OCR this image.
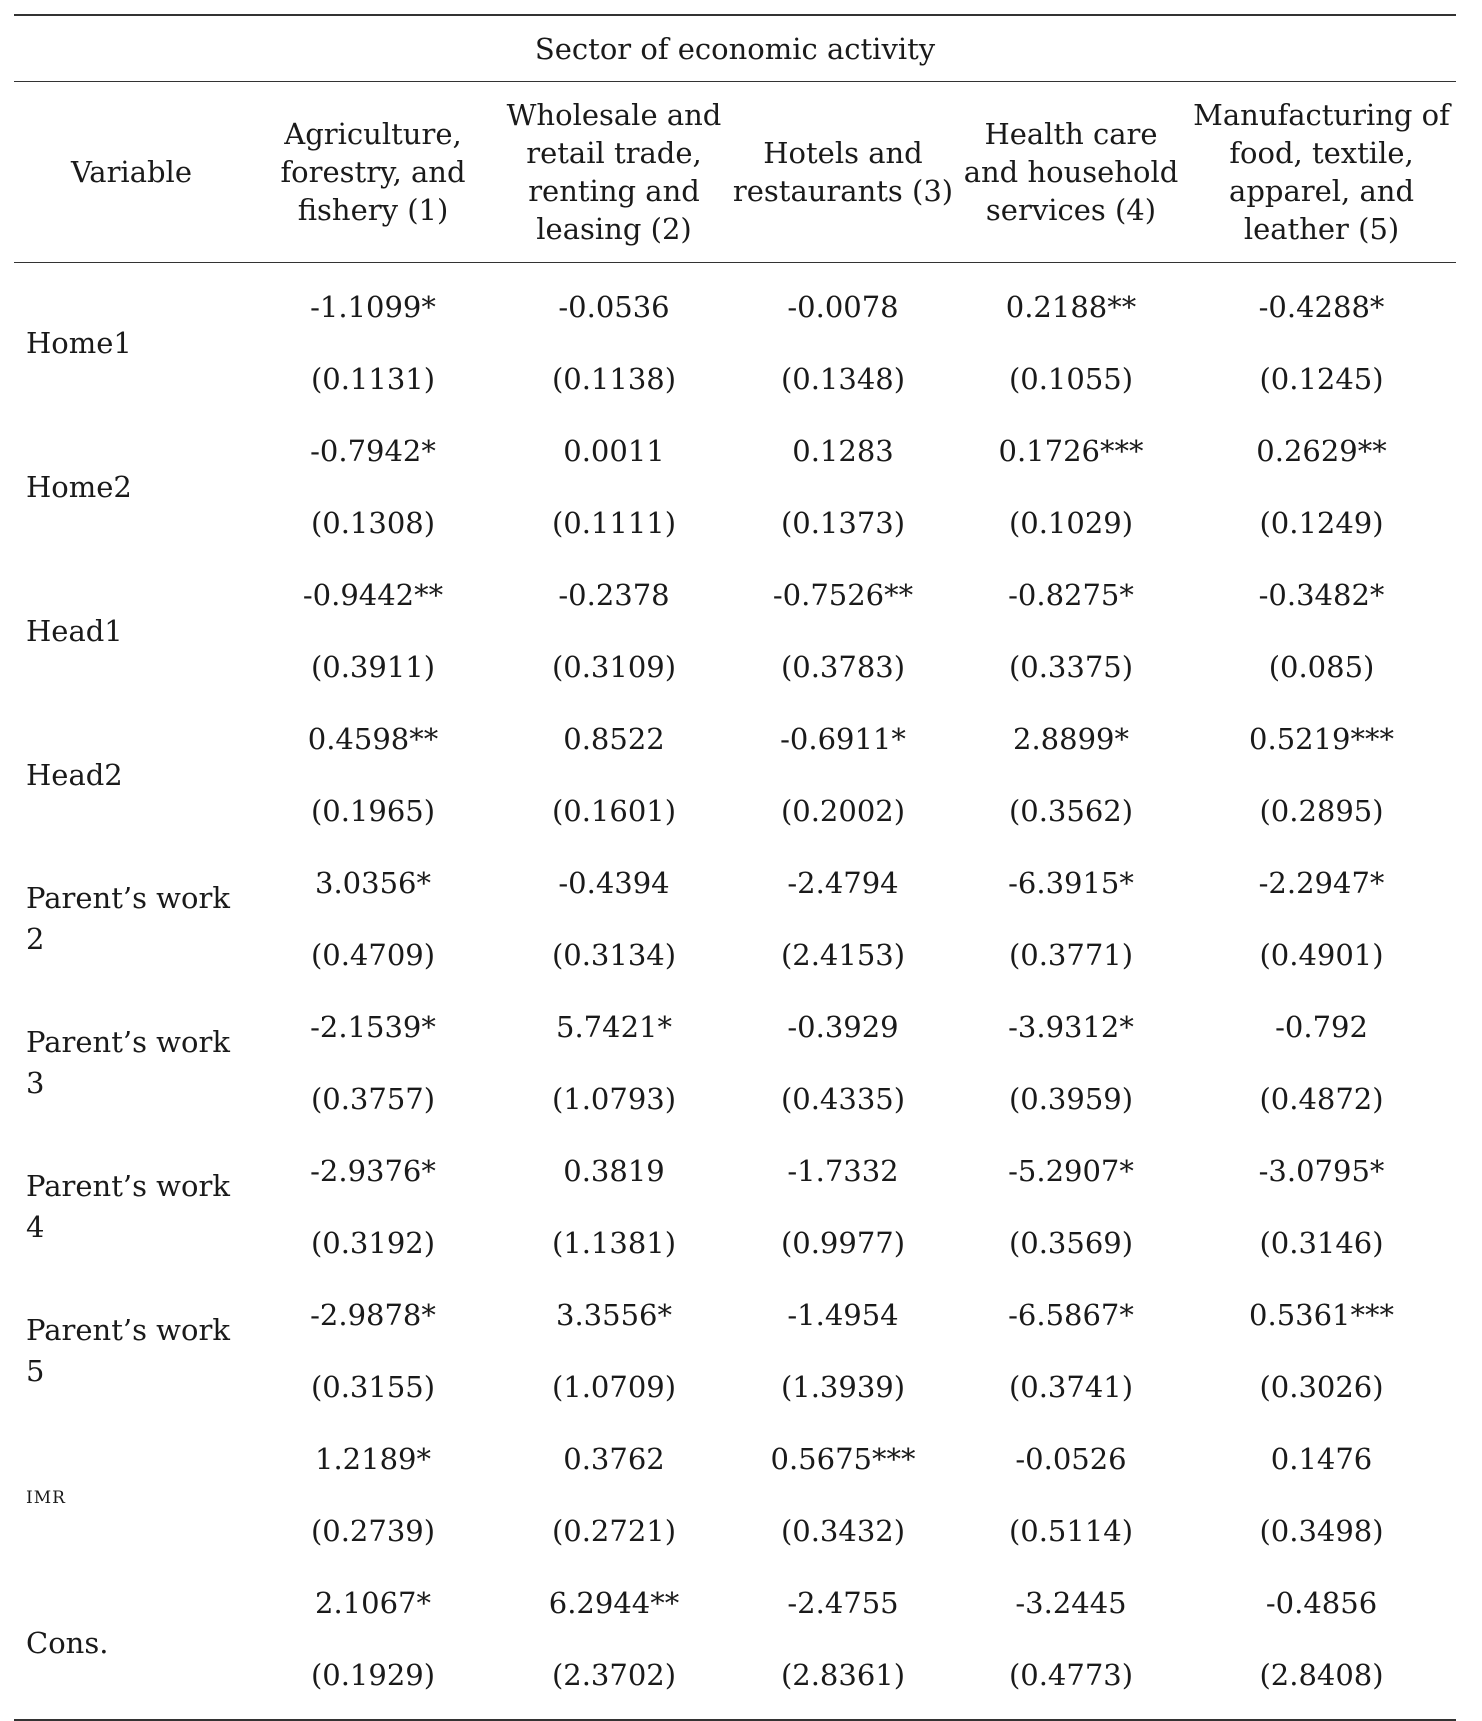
Sector of economic activity					
Variable	Agriculture, forestry, and fishery (1)	Wholesale and retail trade, renting and leasing (2)	Hotels and restaurants (3)	Health care and household services (4)	Manufacturing of food, textile, apparel, and leather (5)
Home1	-1.1099*	-0.0536	-0.0078	0.2188**	-0.4288*
	(0.1131)	(0.1138)	(0.1348)	(0.1055)	(0.1245)
Home2	-0.7942*	0.0011	0.1283	0.1726***	0.2629**
	(0.1308)	(0.1111)	(0.1373)	(0.1029)	(0.1249)
Head1	-0.9442**	-0.2378	-0.7526**	-0.8275*	-0.3482*
	(0.3911)	(0.3109)	(0.3783)	(0.3375)	(0.085)
Head2	0.4598**	0.8522	-0.6911*	2.8899*	0.5219***
	(0.1965)	(0.1601)	(0.2002)	(0.3562)	(0.2895)
Parent’s work 2	3.0356*	-0.4394	-2.4794	-6.3915*	-2.2947*
	(0.4709)	(0.3134)	(2.4153)	(0.3771)	(0.4901)
Parent’s work 3	-2.1539*	5.7421*	-0.3929	-3.9312*	-0.792
	(0.3757)	(1.0793)	(0.4335)	(0.3959)	(0.4872)
Parent’s work 4	-2.9376*	0.3819	-1.7332	-5.2907*	-3.0795*
	(0.3192)	(1.1381)	(0.9977)	(0.3569)	(0.3146)
Parent’s work 5	-2.9878*	3.3556*	-1.4954	-6.5867*	0.5361***
	(0.3155)	(1.0709)	(1.3939)	(0.3741)	(0.3026)
imr	1.2189*	0.3762	0.5675***	-0.0526	0.1476
	(0.2739)	(0.2721)	(0.3432)	(0.5114)	(0.3498)
Cons.	2.1067*	6.2944**	-2.4755	-3.2445	-0.4856
	(0.1929)	(2.3702)	(2.8361)	(0.4773)	(2.8408)
